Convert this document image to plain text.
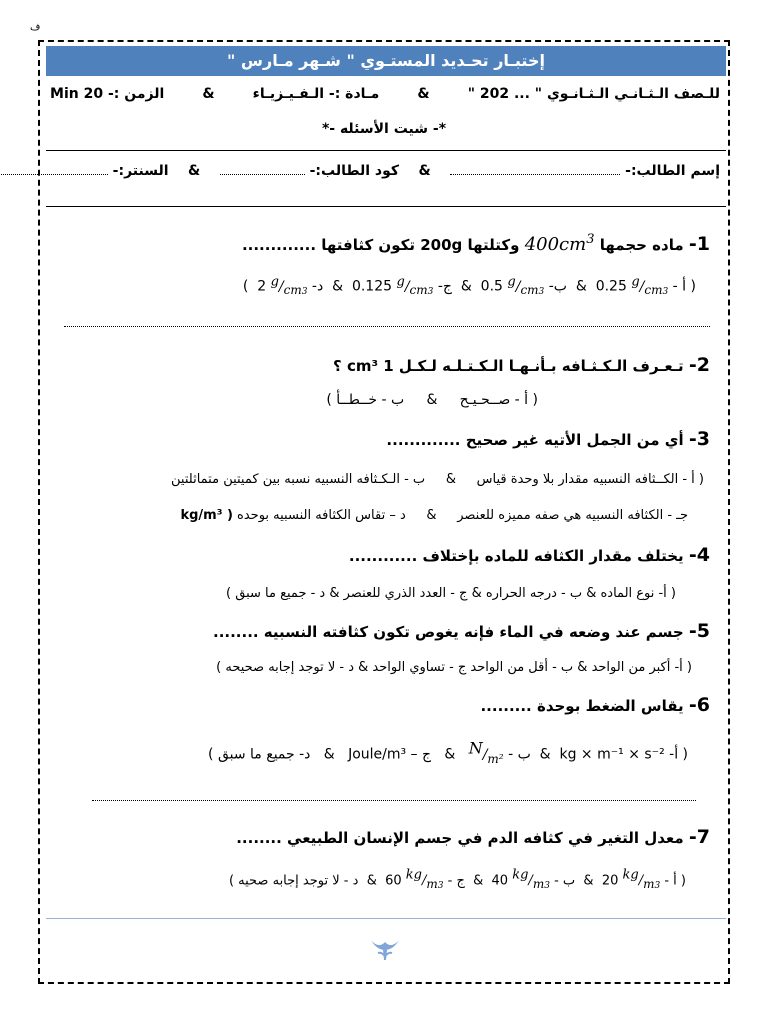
ف
إختبـار تحـديد المستـوي " شـهر مـارس "
للـصف الـثـانـي الـثـانـوي " ... 202 "
&
مـادة :- الـفـيـزيـاء
&
الزمن :- 20 Min
*- شيت الأسئله -*
إسم الطالب:-     &    كود الطالب:-     &    السنتر:-
1- ماده حجمها $400cm^3$ وكتلتها 200g تكون كثافتها .............
( أ - 0.25 $^g/_{cm3}$  &  ب- 0.5 $^g/_{cm3}$  &  ج- 0.125 $^g/_{cm3}$  &  د- 2 $^g/_{cm3}$  )
2- تـعـرف الـكـثـافه بـأنـهـا الـكـتـلـه لـكـل 1 cm³ ؟
( أ - صــحـيـح     &     ب - خــطــأ )
3- أي من الجمل الأتيه غير صحيح .............
( أ - الكــثافه النسبيه مقدار بلا وحدة قياس     &     ب - الـكـثافه النسبيه نسبه بين كميتين متماثلتين
جـ - الكثافه النسبيه هي صفه مميزه للعنصر     &     د – تقاس الكثافه النسبيه بوحده kg/m³ )
4- يختلف مقدار الكثافه للماده بإختلاف ............
( أ- نوع الماده & ب - درجه الحراره & ج - العدد الذري للعنصر & د - جميع ما سبق )
5- جسم عند وضعه في الماء فإنه يغوص تكون كثافته النسبيه ........
( أ- أكبر من الواحد & ب - أقل من الواحد ج - تساوي الواحد & د - لا توجد إجابه صحيحه )
6- يقاس الضغط بوحدة .........
( أ- kg × m⁻¹ × s⁻²  &  ب - $^N/_{m^2}$   &   ج – Joule/m³   &   د- جميع ما سبق )
7- معدل التغير في كثافه الدم في جسم الإنسان الطبيعي ........
( أ - 20 $^{kg}/_{m3}$  &  ب - 40 $^{kg}/_{m3}$  &  ج - 60 $^{kg}/_{m3}$  &  د - لا توجد إجابه صحيه )
